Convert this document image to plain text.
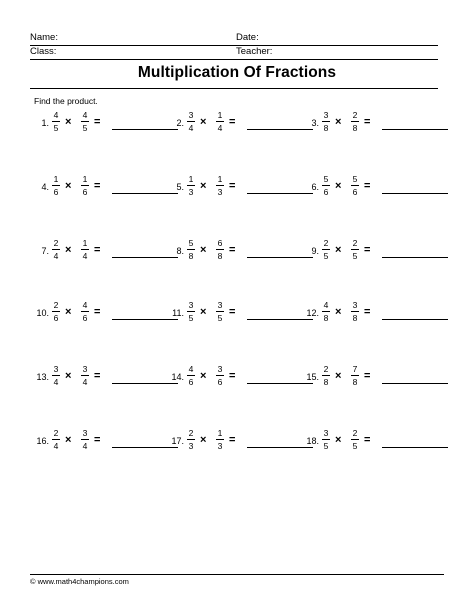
Name:	Date:
Class:	Teacher:
Multiplication Of Fractions
Find the product.
1.
4
5 ×
4
5 =	2.
3
4 ×
1
4 =	3.
3
8 ×
2
8 =
4.
1
6 ×
1
6 =	5.
1
3 ×
1
3 =	6.
5
6 ×
5
6 =
7.
2
4 ×
1
4 =	8.
5
8 ×
6
8 =	9.
2
5 ×
2
5 =
10.
2
6 ×
4
6 =	11.
3
5 ×
3
5 =	12.
4
8 ×
3
8 =
13.
3
4 ×
3
4 =	14.
4
6 ×
3
6 =	15.
2
8 ×
7
8 =
16.
2
4 ×
3
4 =	17.
2
3 ×
1
3 =	18.
3
5 ×
2
5 =
© www.math4champions.com
